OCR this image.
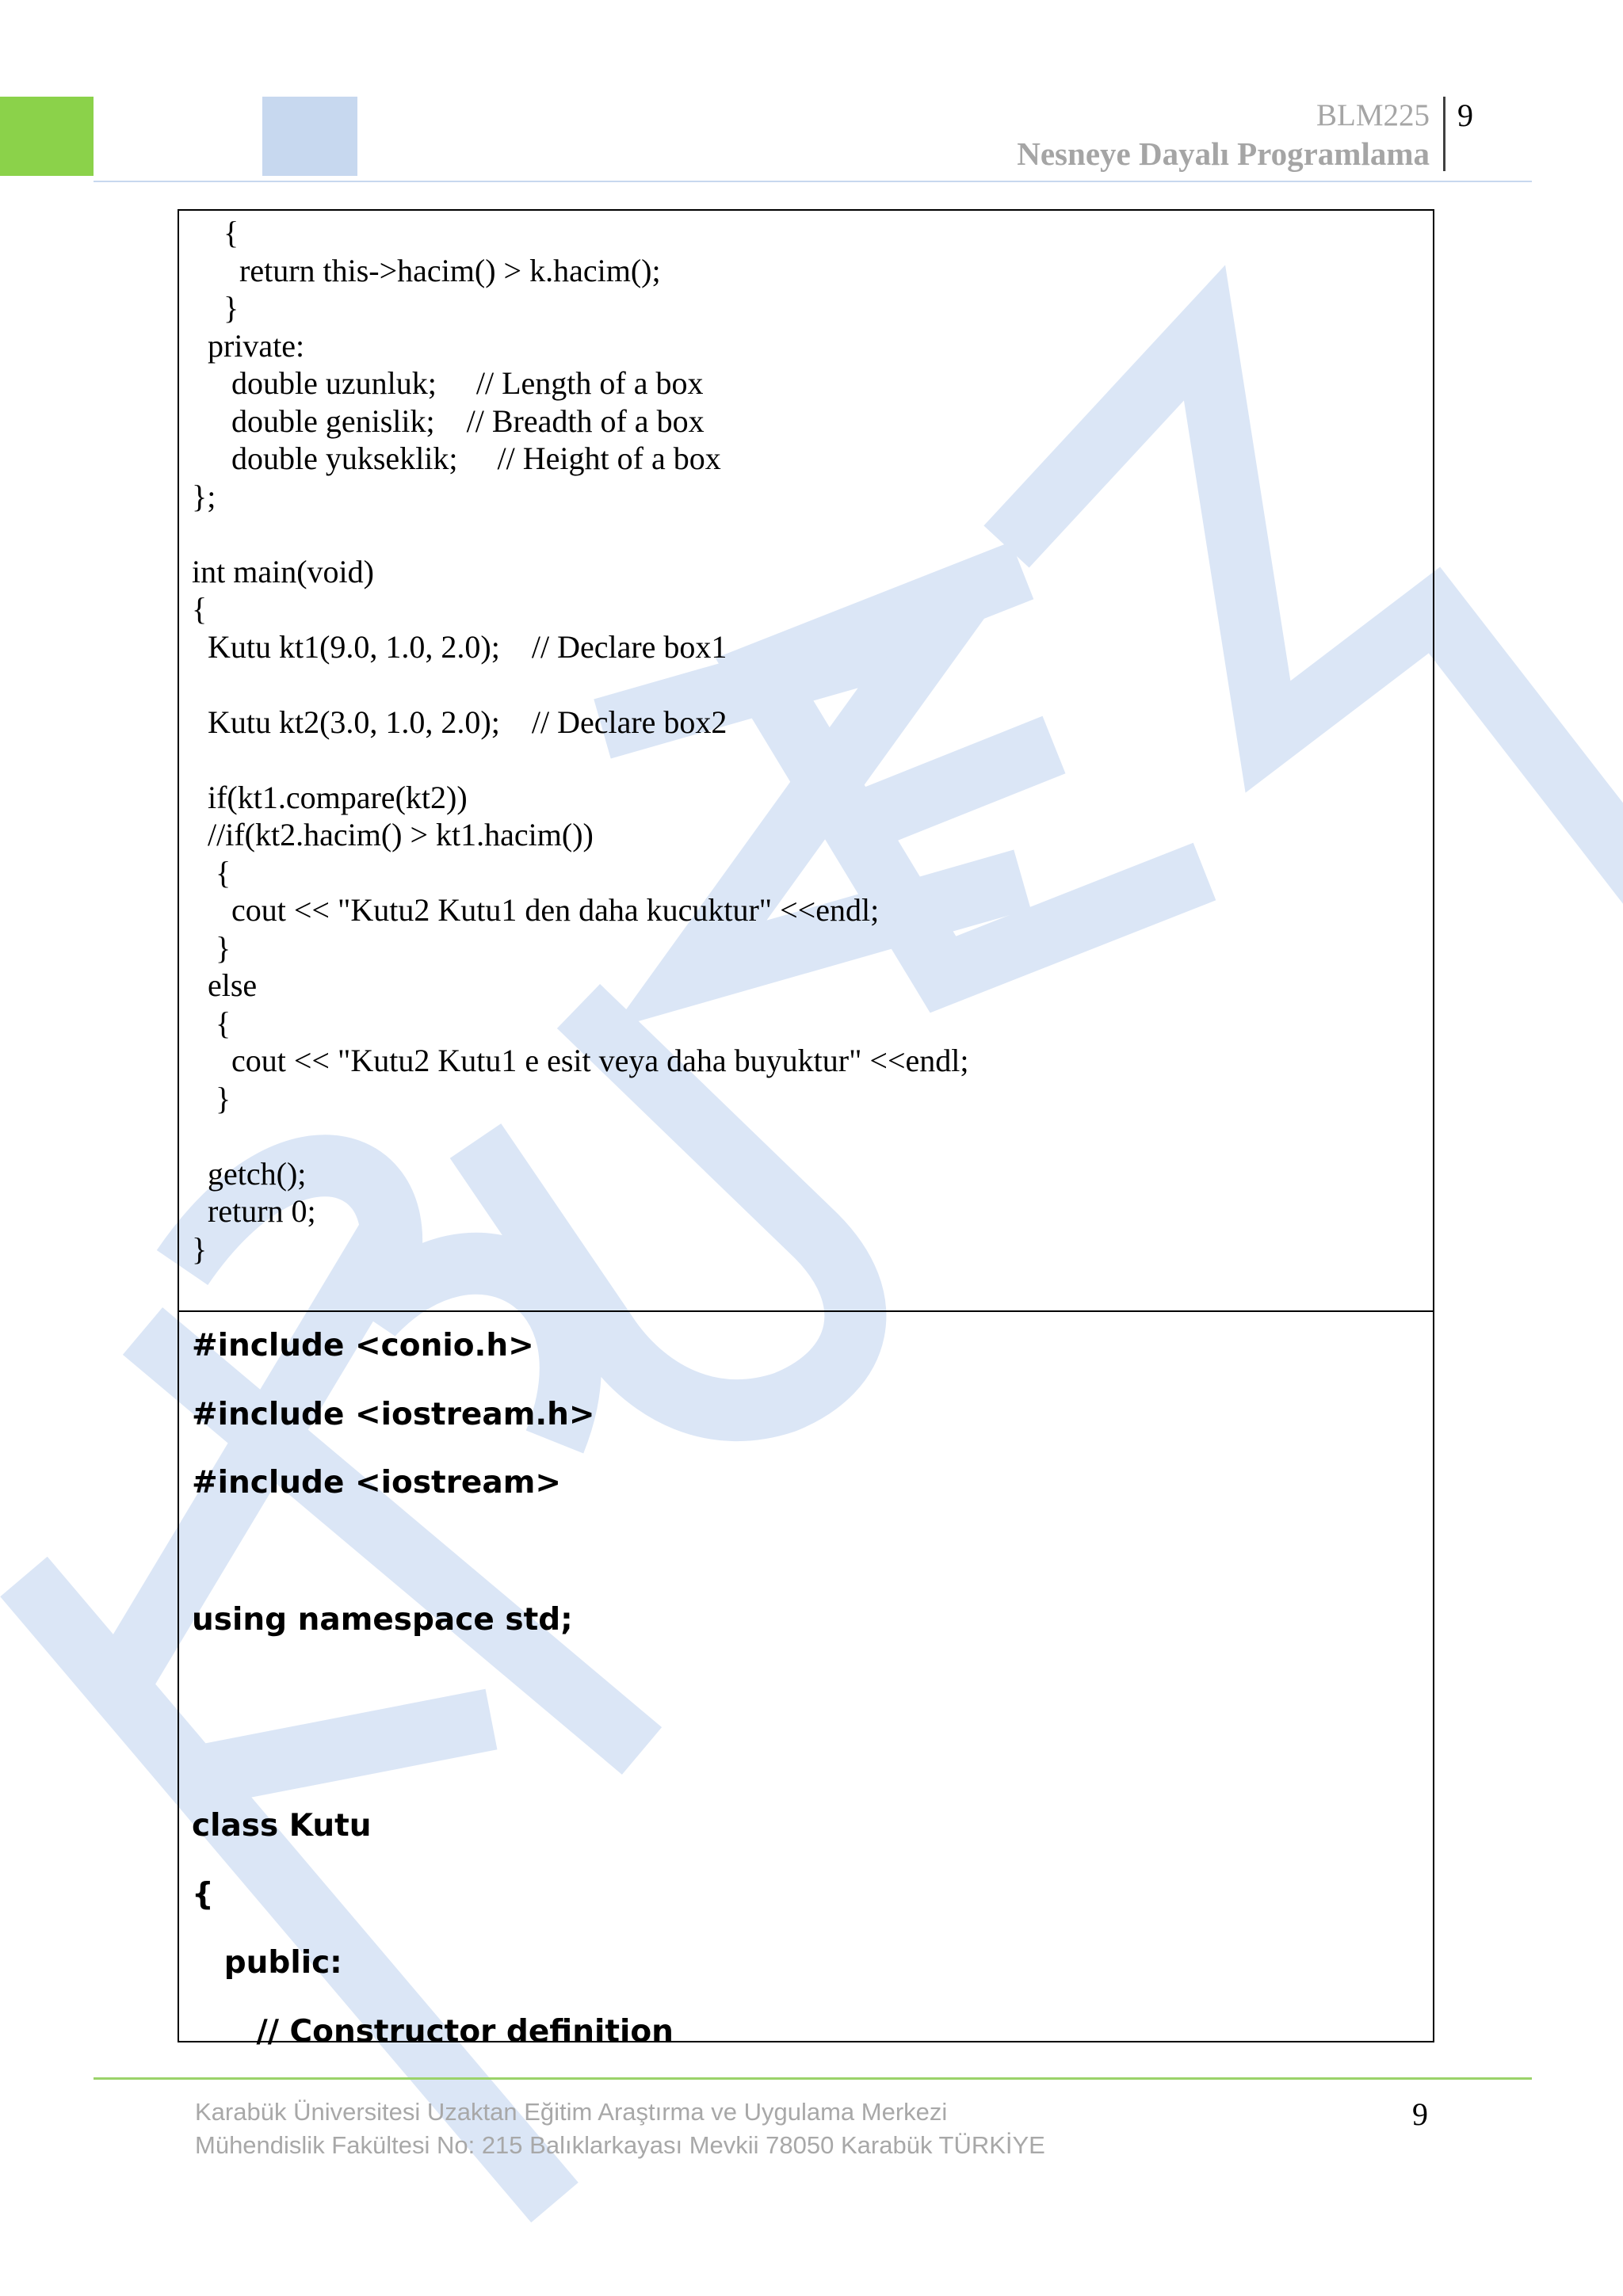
BLM225
Nesneye Dayalı Programlama
9
{
return this->hacim() > k.hacim();
}
private:
double uzunluk;     // Length of a box
double genislik;    // Breadth of a box
double yukseklik;     // Height of a box
};
int main(void)
{
Kutu kt1(9.0, 1.0, 2.0);    // Declare box1
Kutu kt2(3.0, 1.0, 2.0);    // Declare box2
if(kt1.compare(kt2))
//if(kt2.hacim() > kt1.hacim())
{
cout << "Kutu2 Kutu1 den daha kucuktur" <<endl;
}
else
{
cout << "Kutu2 Kutu1 e esit veya daha buyuktur" <<endl;
}
getch();
return 0;
}
#include <conio.h>
#include <iostream.h>
#include <iostream>
using namespace std;
class Kutu
{
public:
// Constructor definition
Karabük Üniversitesi Uzaktan Eğitim Araştırma ve Uygulama Merkezi
Mühendislik Fakültesi No: 215 Balıklarkayası Mevkii 78050 Karabük TÜRKİYE
9
